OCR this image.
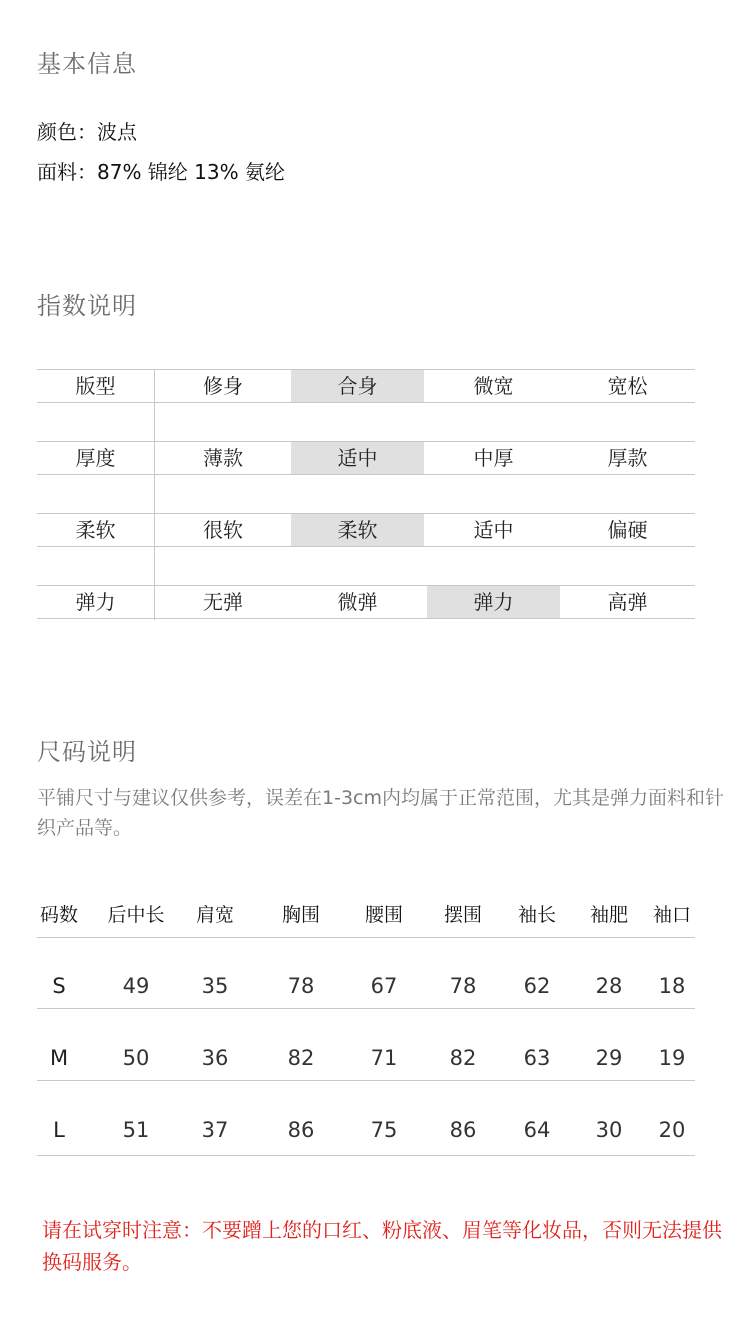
基本信息
颜色：波点
面料：87% 锦纶 13% 氨纶
指数说明
版型	修身	合身	微宽	宽松
厚度	薄款	适中	中厚	厚款
柔软	很软	柔软	适中	偏硬
弹力	无弹	微弹	弹力	高弹
尺码说明
平铺尺寸与建议仅供参考，误差在1-3cm内均属于正常范围，尤其是弹力面料和针织产品等。
码数	后中长	肩宽	胸围	腰围	摆围	袖长	袖肥	袖口
S	49	35	78	67	78	62	28	18
M	50	36	82	71	82	63	29	19
L	51	37	86	75	86	64	30	20
请在试穿时注意：不要蹭上您的口红、粉底液、眉笔等化妆品，否则无法提供换码服务。
